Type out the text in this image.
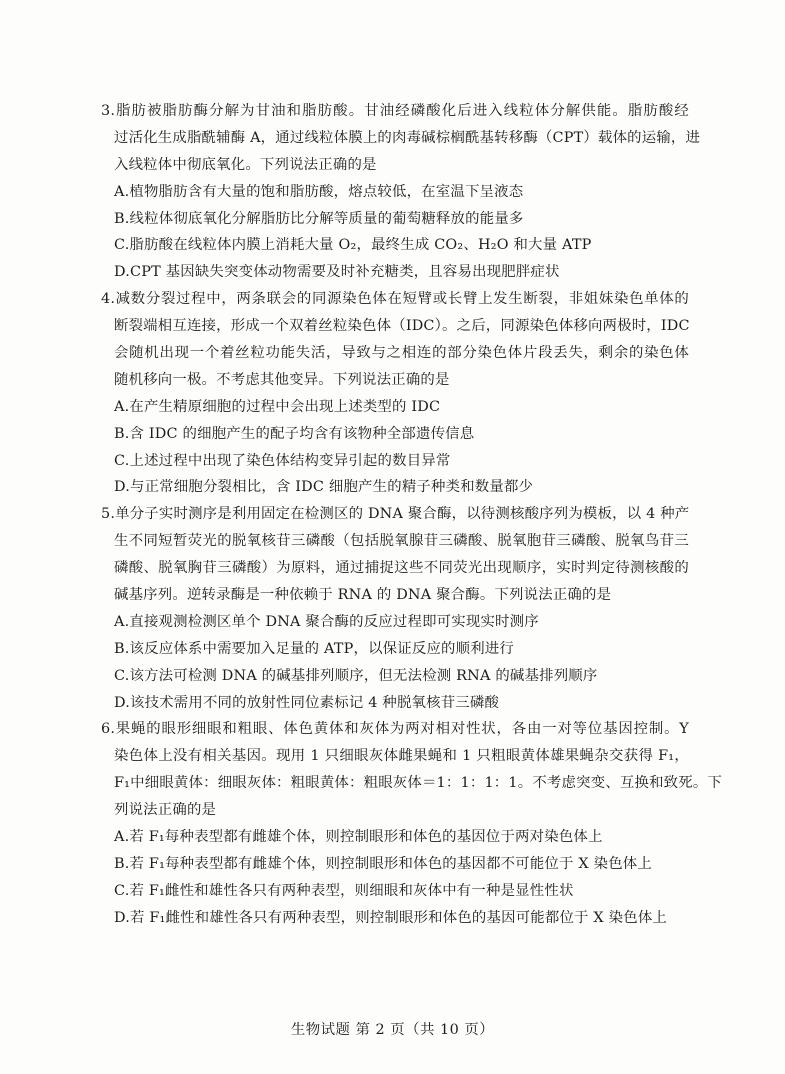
3.脂肪被脂肪酶分解为甘油和脂肪酸。甘油经磷酸化后进入线粒体分解供能。脂肪酸经
过活化生成脂酰辅酶 A，通过线粒体膜上的肉毒碱棕榈酰基转移酶（CPT）载体的运输，进
入线粒体中彻底氧化。下列说法正确的是
A.植物脂肪含有大量的饱和脂肪酸，熔点较低，在室温下呈液态
B.线粒体彻底氧化分解脂肪比分解等质量的葡萄糖释放的能量多
C.脂肪酸在线粒体内膜上消耗大量 O₂，最终生成 CO₂、H₂O 和大量 ATP
D.CPT 基因缺失突变体动物需要及时补充糖类，且容易出现肥胖症状
4.减数分裂过程中，两条联会的同源染色体在短臂或长臂上发生断裂，非姐妹染色单体的
断裂端相互连接，形成一个双着丝粒染色体（IDC）。之后，同源染色体移向两极时，IDC
会随机出现一个着丝粒功能失活，导致与之相连的部分染色体片段丢失，剩余的染色体
随机移向一极。不考虑其他变异。下列说法正确的是
A.在产生精原细胞的过程中会出现上述类型的 IDC
B.含 IDC 的细胞产生的配子均含有该物种全部遗传信息
C.上述过程中出现了染色体结构变异引起的数目异常
D.与正常细胞分裂相比，含 IDC 细胞产生的精子种类和数量都少
5.单分子实时测序是利用固定在检测区的 DNA 聚合酶，以待测核酸序列为模板，以 4 种产
生不同短暂荧光的脱氧核苷三磷酸（包括脱氧腺苷三磷酸、脱氧胞苷三磷酸、脱氧鸟苷三
磷酸、脱氧胸苷三磷酸）为原料，通过捕捉这些不同荧光出现顺序，实时判定待测核酸的
碱基序列。逆转录酶是一种依赖于 RNA 的 DNA 聚合酶。下列说法正确的是
A.直接观测检测区单个 DNA 聚合酶的反应过程即可实现实时测序
B.该反应体系中需要加入足量的 ATP，以保证反应的顺利进行
C.该方法可检测 DNA 的碱基排列顺序，但无法检测 RNA 的碱基排列顺序
D.该技术需用不同的放射性同位素标记 4 种脱氧核苷三磷酸
6.果蝇的眼形细眼和粗眼、体色黄体和灰体为两对相对性状，各由一对等位基因控制。Y
染色体上没有相关基因。现用 1 只细眼灰体雌果蝇和 1 只粗眼黄体雄果蝇杂交获得 F₁，
F₁中细眼黄体：细眼灰体：粗眼黄体：粗眼灰体＝1：1：1：1。不考虑突变、互换和致死。下
列说法正确的是
A.若 F₁每种表型都有雌雄个体，则控制眼形和体色的基因位于两对染色体上
B.若 F₁每种表型都有雌雄个体，则控制眼形和体色的基因都不可能位于 X 染色体上
C.若 F₁雌性和雄性各只有两种表型，则细眼和灰体中有一种是显性性状
D.若 F₁雌性和雄性各只有两种表型，则控制眼形和体色的基因可能都位于 X 染色体上
生物试题 第 2 页（共 10 页）
